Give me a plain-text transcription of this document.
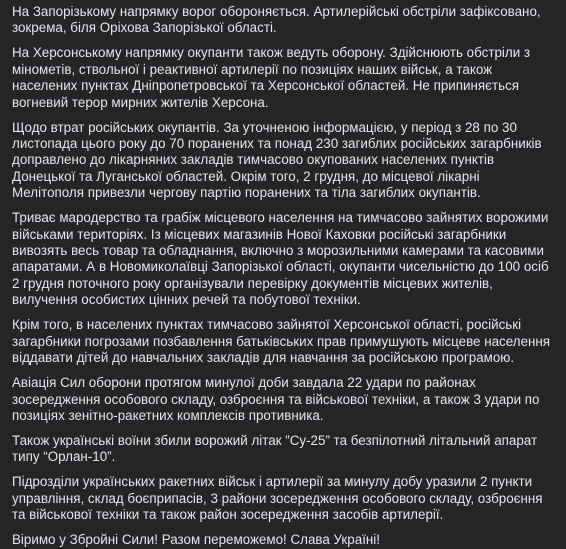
На Запорізькому напрямку ворог обороняється. Артилерійські обстріли зафіксовано, зокрема, біля Оріхова Запорізької області.

На Херсонському напрямку окупанти також ведуть оборону. Здійснюють обстріли з мінометів, ствольної і реактивної артилерії по позиціях наших військ, а також населених пунктах Дніпропетровської та Херсонської областей. Не припиняється вогневий терор мирних жителів Херсона.

Щодо втрат російських окупантів. За уточненою інформацією, у період з 28 по 30 листопада цього року до 70 поранених та понад 230 загиблих російських загарбників доправлено до лікарняних закладів тимчасово окупованих населених пунктів Донецької та Луганської областей. Окрім того, 2 грудня, до місцевої лікарні Мелітополя привезли чергову партію поранених та тіла загиблих окупантів.

Триває мародерство та грабіж місцевого населення на тимчасово зайнятих ворожими військами територіях. Із місцевих магазинів Нової Каховки російські загарбники вивозять весь товар та обладнання, включно з морозильними камерами та касовими апаратами. А в Новомиколаївці Запорізької області, окупанти чисельністю до 100 осіб 2 грудня поточного року організували перевірку документів місцевих жителів, вилучення особистих цінних речей та побутової техніки.

Крім того, в населених пунктах тимчасово зайнятої Херсонської області, російські загарбники погрозами позбавлення батьківських прав примушують місцеве населення віддавати дітей до навчальних закладів для навчання за російською програмою.

Авіація Сил оборони протягом минулої доби завдала 22 удари по районах зосередження особового складу, озброєння та військової техніки, а також 3 удари по позиціях зенітно-ракетних комплексів противника.

Також українські воїни збили ворожий літак ”Су-25” та безпілотний літальний апарат типу “Орлан-10”.

Підрозділи українських ракетних військ і артилерії за минулу добу уразили 2 пункти управління, склад боєприпасів, 3 райони зосередження особового складу, озброєння та військової техніки та також район зосередження засобів артилерії.

Віримо у Збройні Сили! Разом переможемо! Слава Україні!
